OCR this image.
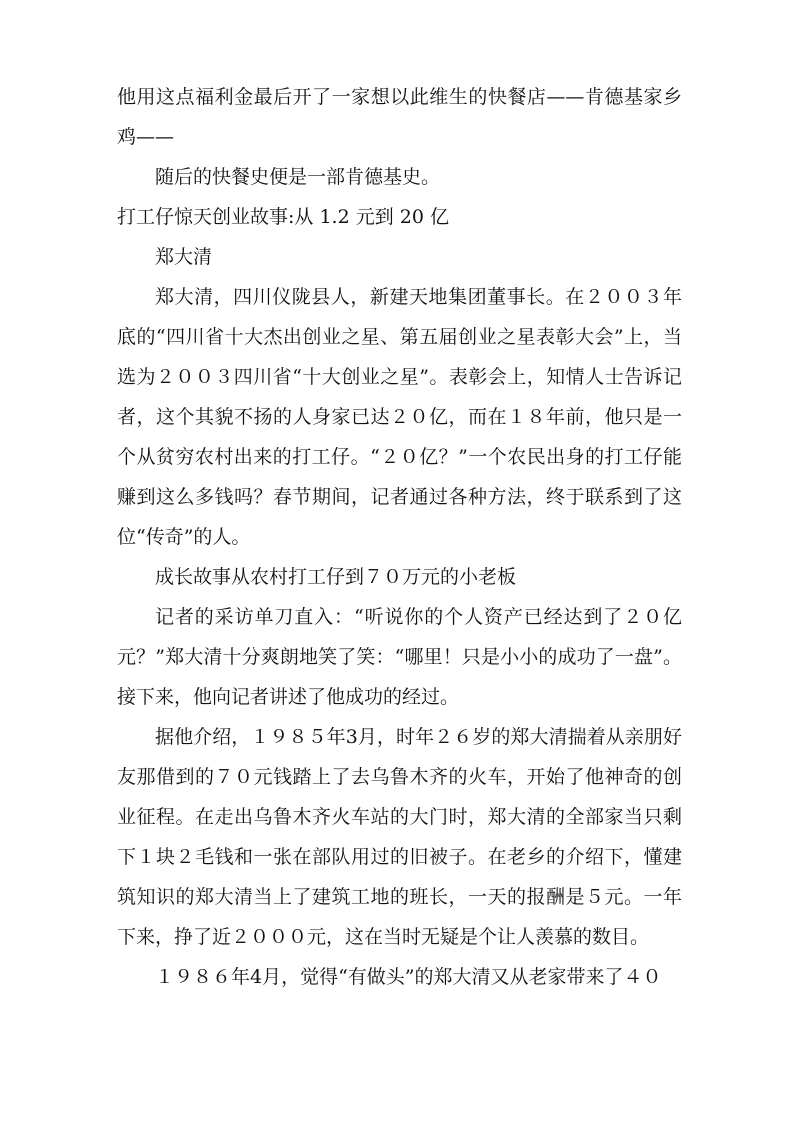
他用这点福利金最后开了一家想以此维生的快餐店——肯德基家乡鸡——

随后的快餐史便是一部肯德基史。

打工仔惊天创业故事:从 1.2 元到 20 亿

郑大清

郑大清，四川仪陇县人，新建天地集团董事长。在２００３年底的“四川省十大杰出创业之星、第五届创业之星表彰大会”上，当选为２００３四川省“十大创业之星”。表彰会上，知情人士告诉记者，这个其貌不扬的人身家已达２０亿，而在１８年前，他只是一个从贫穷农村出来的打工仔。“２０亿？”一个农民出身的打工仔能赚到这么多钱吗？春节期间，记者通过各种方法，终于联系到了这位“传奇”的人。

成长故事从农村打工仔到７０万元的小老板

记者的采访单刀直入：“听说你的个人资产已经达到了２０亿元？”郑大清十分爽朗地笑了笑：“哪里！只是小小的成功了一盘”。接下来，他向记者讲述了他成功的经过。

据他介绍，１９８５年3月，时年２６岁的郑大清揣着从亲朋好友那借到的７０元钱踏上了去乌鲁木齐的火车，开始了他神奇的创业征程。在走出乌鲁木齐火车站的大门时，郑大清的全部家当只剩下１块２毛钱和一张在部队用过的旧被子。在老乡的介绍下，懂建筑知识的郑大清当上了建筑工地的班长，一天的报酬是５元。一年下来，挣了近２０００元，这在当时无疑是个让人羡慕的数目。

１９８６年4月，觉得“有做头”的郑大清又从老家带来了４０
